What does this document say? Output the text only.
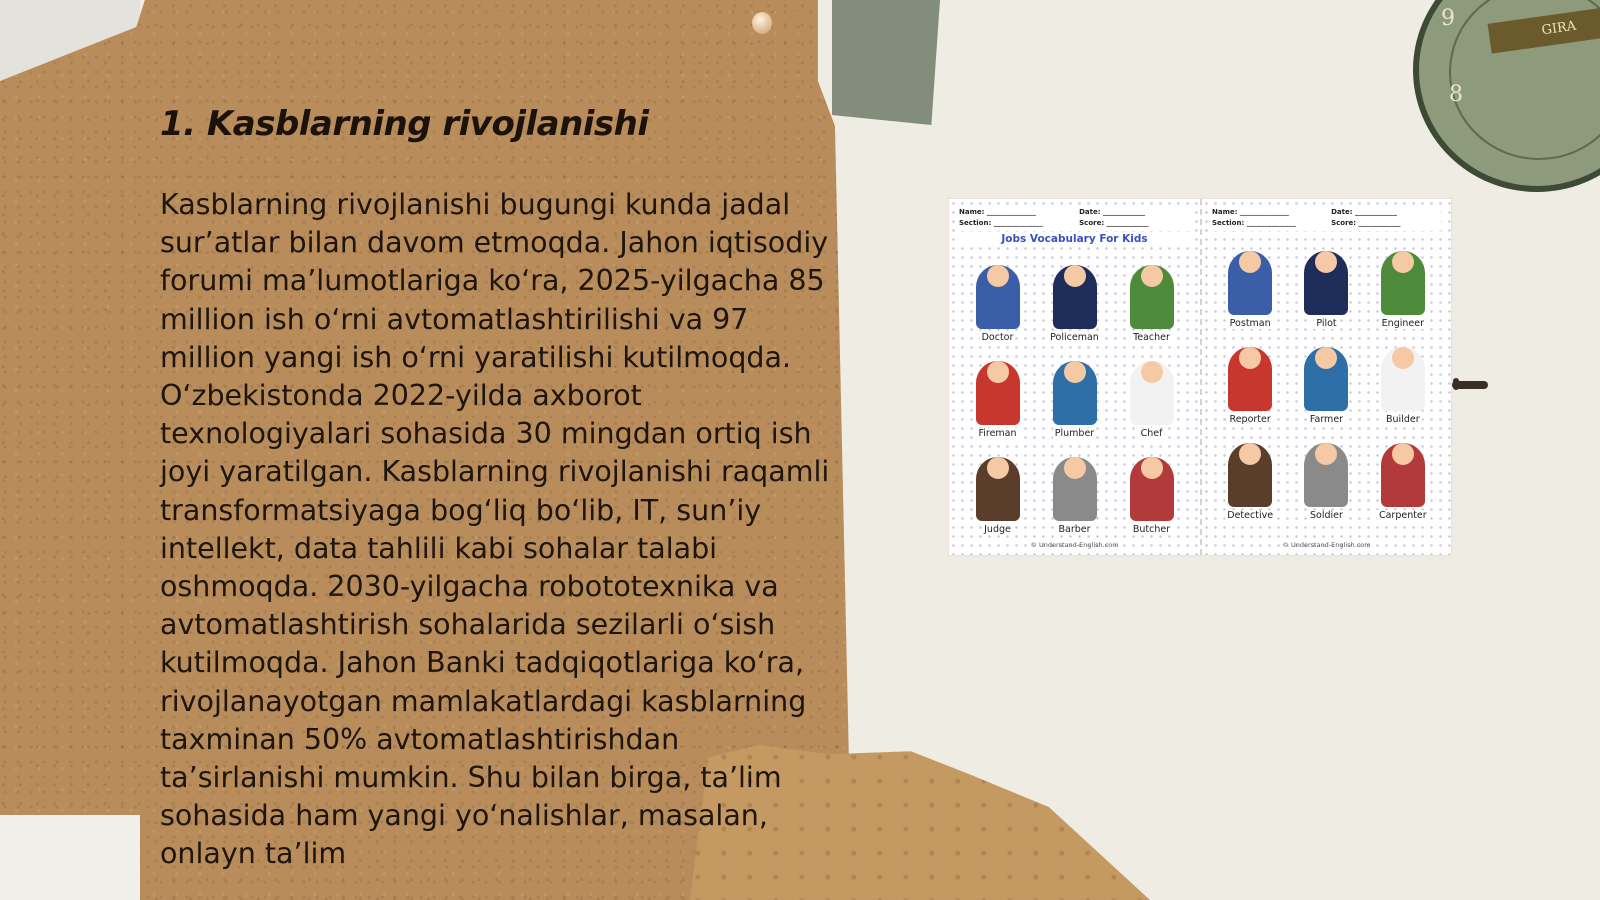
9
8
GIRA
1. Kasblarning rivojlanishi

Kasblarning rivojlanishi bugungi kunda jadal sur’atlar bilan davom etmoqda. Jahon iqtisodiy forumi ma’lumotlariga ko‘ra, 2025-yilgacha 85 million ish o‘rni avtomatlashtirilishi va 97 million yangi ish o‘rni yaratilishi kutilmoqda. O‘zbekistonda 2022-yilda axborot texnologiyalari sohasida 30 mingdan ortiq ish joyi yaratilgan. Kasblarning rivojlanishi raqamli transformatsiyaga bog‘liq bo‘lib, IT, sun’iy intellekt, data tahlili kabi sohalar talabi oshmoqda. 2030-yilgacha robototexnika va avtomatlashtirish sohalarida sezilarli o‘sish kutilmoqda. Jahon Banki tadqiqotlariga ko‘ra, rivojlanayotgan mamlakatlardagi kasblarning taxminan 50% avtomatlashtirishdan ta’sirlanishi mumkin. Shu bilan birga, ta’lim sohasida ham yangi yo‘nalishlar, masalan, onlayn ta’lim

Name: ______________
Section: ______________
Date: ____________
Score: ____________
Jobs Vocabulary For Kids
Doctor	Policeman	Teacher
Fireman	Plumber	Chef
Judge	Barber	Butcher
© Understand-English.com
Name: ______________
Section: ______________
Date: ____________
Score: ____________
Postman	Pilot	Engineer
Reporter	Farmer	Builder
Detective	Soldier	Carpenter
© Understand-English.com
